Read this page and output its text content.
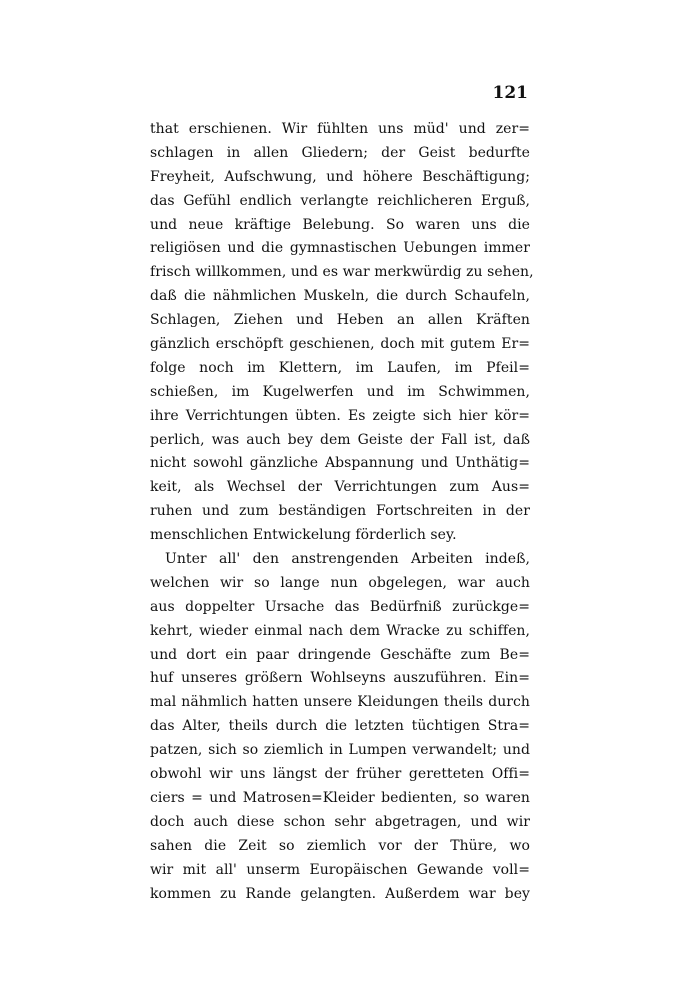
121
that erschienen. Wir fühlten uns müd' und zer=
schlagen in allen Gliedern; der Geist bedurfte
Freyheit, Aufschwung, und höhere Beschäftigung;
das Gefühl endlich verlangte reichlicheren Erguß,
und neue kräftige Belebung. So waren uns die
religiösen und die gymnastischen Uebungen immer
frisch willkommen, und es war merkwürdig zu sehen,
daß die nähmlichen Muskeln, die durch Schaufeln,
Schlagen, Ziehen und Heben an allen Kräften
gänzlich erschöpft geschienen, doch mit gutem Er=
folge noch im Klettern, im Laufen, im Pfeil=
schießen, im Kugelwerfen und im Schwimmen,
ihre Verrichtungen übten. Es zeigte sich hier kör=
perlich, was auch bey dem Geiste der Fall ist, daß
nicht sowohl gänzliche Abspannung und Unthätig=
keit, als Wechsel der Verrichtungen zum Aus=
ruhen und zum beständigen Fortschreiten in der
menschlichen Entwickelung förderlich sey.
Unter all' den anstrengenden Arbeiten indeß,
welchen wir so lange nun obgelegen, war auch
aus doppelter Ursache das Bedürfniß zurückge=
kehrt, wieder einmal nach dem Wracke zu schiffen,
und dort ein paar dringende Geschäfte zum Be=
huf unseres größern Wohlseyns auszuführen. Ein=
mal nähmlich hatten unsere Kleidungen theils durch
das Alter, theils durch die letzten tüchtigen Stra=
patzen, sich so ziemlich in Lumpen verwandelt; und
obwohl wir uns längst der früher geretteten Offi=
ciers = und Matrosen=Kleider bedienten, so waren
doch auch diese schon sehr abgetragen, und wir
sahen die Zeit so ziemlich vor der Thüre, wo
wir mit all' unserm Europäischen Gewande voll=
kommen zu Rande gelangten. Außerdem war bey
